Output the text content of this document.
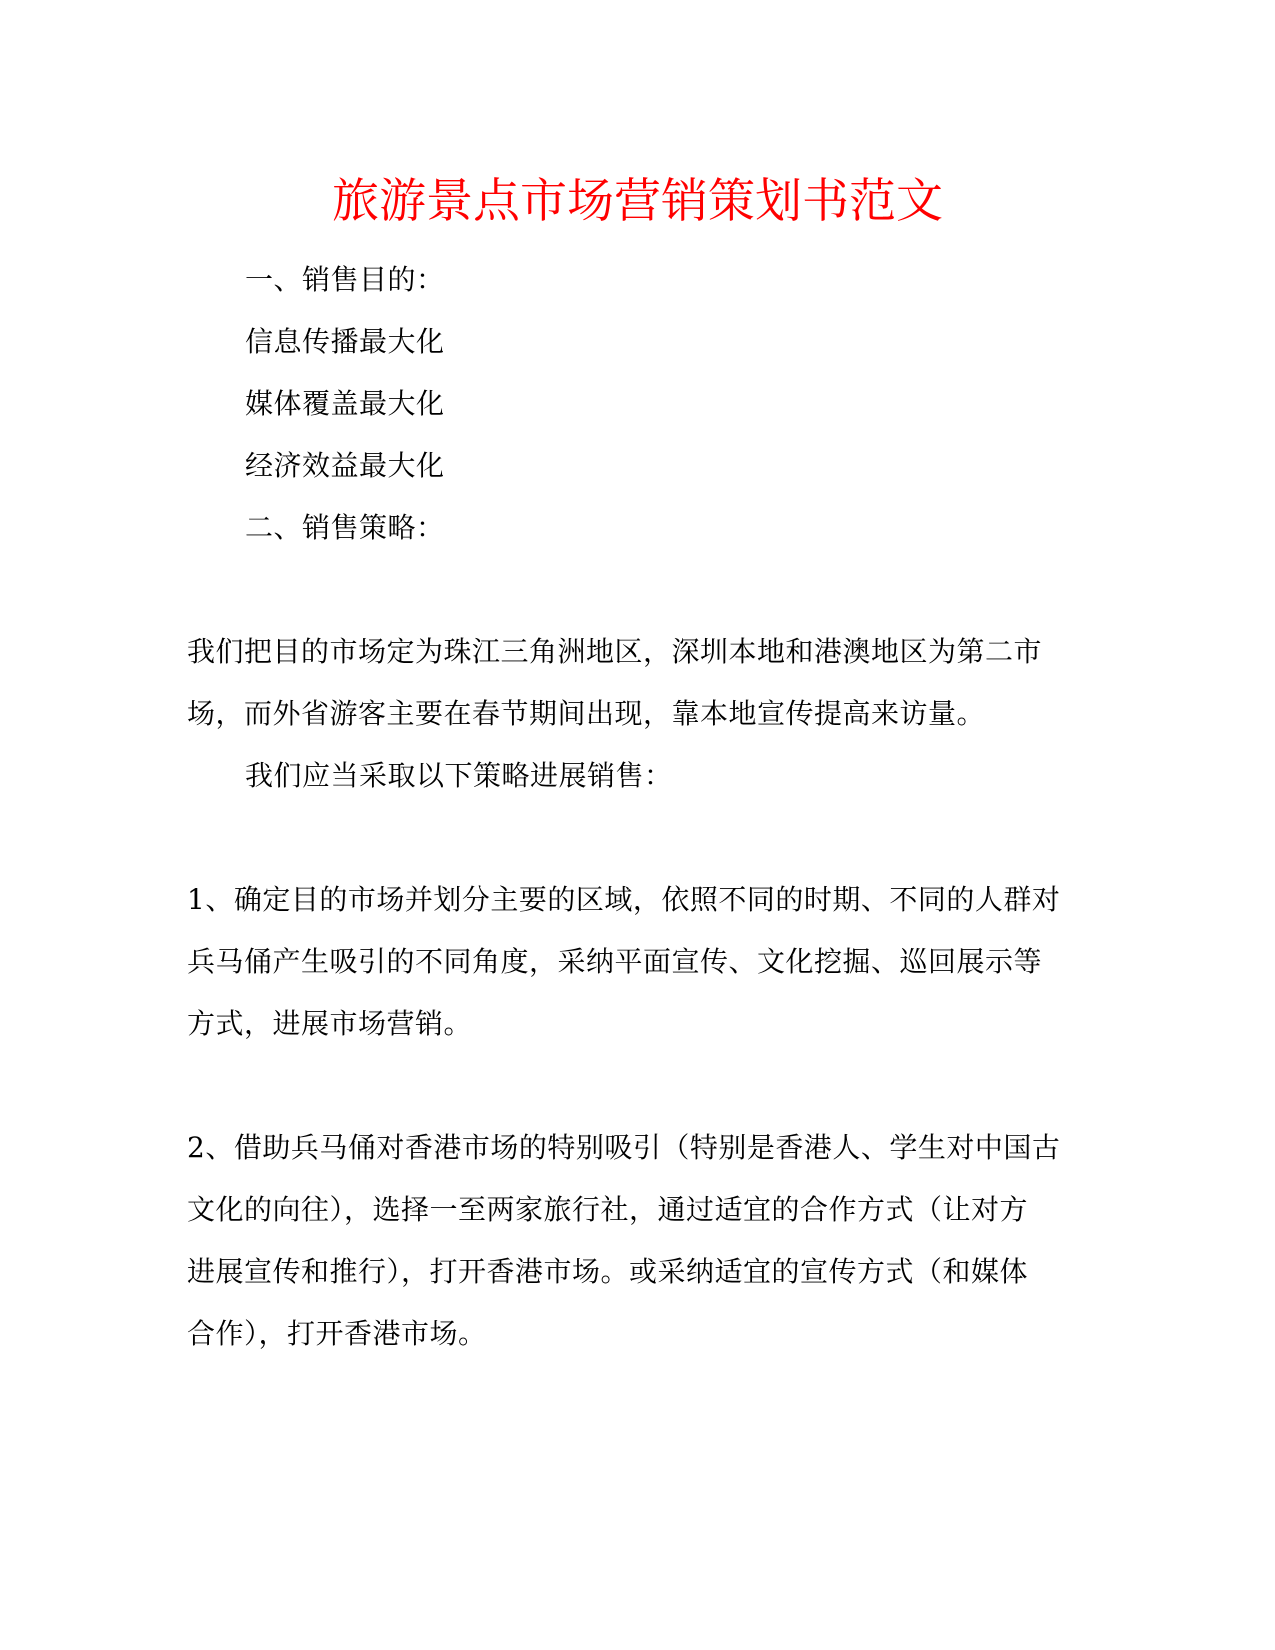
旅游景点市场营销策划书范文
一、销售目的：
信息传播最大化
媒体覆盖最大化
经济效益最大化
二、销售策略：
我们把目的市场定为珠江三角洲地区，深圳本地和港澳地区为第二市
场，而外省游客主要在春节期间出现，靠本地宣传提高来访量。
我们应当采取以下策略进展销售：
1、确定目的市场并划分主要的区域，依照不同的时期、不同的人群对
兵马俑产生吸引的不同角度，采纳平面宣传、文化挖掘、巡回展示等
方式，进展市场营销。
2、借助兵马俑对香港市场的特别吸引（特别是香港人、学生对中国古
文化的向往），选择一至两家旅行社，通过适宜的合作方式（让对方
进展宣传和推行），打开香港市场。或采纳适宜的宣传方式（和媒体
合作），打开香港市场。
